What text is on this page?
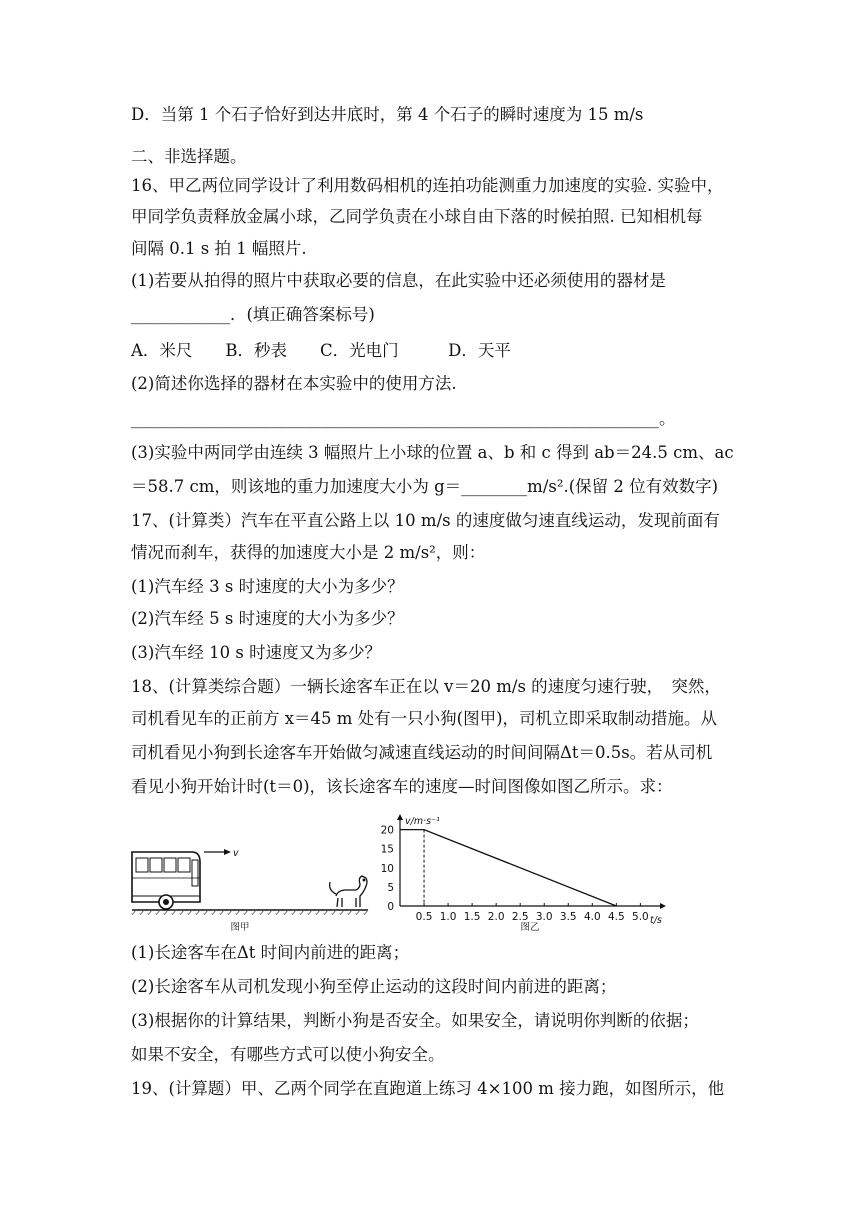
D．当第 1 个石子恰好到达井底时，第 4 个石子的瞬时速度为 15 m/s
二、非选择题。
16、甲乙两位同学设计了利用数码相机的连拍功能测重力加速度的实验. 实验中，
甲同学负责释放金属小球，乙同学负责在小球自由下落的时候拍照. 已知相机每
间隔 0.1 s 拍 1 幅照片.
(1)若要从拍得的照片中获取必要的信息，在此实验中还必须使用的器材是
____________．(填正确答案标号)
A．米尺　　B．秒表　　C．光电门　　　D．天平
(2)简述你选择的器材在本实验中的使用方法.
________________________________________________________________。
(3)实验中两同学由连续 3 幅照片上小球的位置 a、b 和 c 得到 ab＝24.5 cm、ac
＝58.7 cm，则该地的重力加速度大小为 g＝________m/s².(保留 2 位有效数字)
17、(计算类）汽车在平直公路上以 10 m/s 的速度做匀速直线运动，发现前面有
情况而刹车，获得的加速度大小是 2 m/s²，则：
(1)汽车经 3 s 时速度的大小为多少？
(2)汽车经 5 s 时速度的大小为多少？
(3)汽车经 10 s 时速度又为多少？
18、(计算类综合题）一辆长途客车正在以 v＝20 m/s 的速度匀速行驶，　突然，
司机看见车的正前方 x＝45 m 处有一只小狗(图甲)，司机立即采取制动措施。从
司机看见小狗到长途客车开始做匀减速直线运动的时间间隔Δt＝0.5s。若从司机
看见小狗开始计时(t＝0)，该长途客车的速度—时间图像如图乙所示。求：
v
图甲
v/m·s⁻¹
t/s
20
15
10
5
0
0.5 1.0 1.5 2.0 2.5 3.0 3.5 4.0 4.5 5.0
图乙
(1)长途客车在Δt 时间内前进的距离；
(2)长途客车从司机发现小狗至停止运动的这段时间内前进的距离；
(3)根据你的计算结果，判断小狗是否安全。如果安全，请说明你判断的依据；
如果不安全，有哪些方式可以使小狗安全。
19、(计算题）甲、乙两个同学在直跑道上练习 4×100 m 接力跑，如图所示，他
